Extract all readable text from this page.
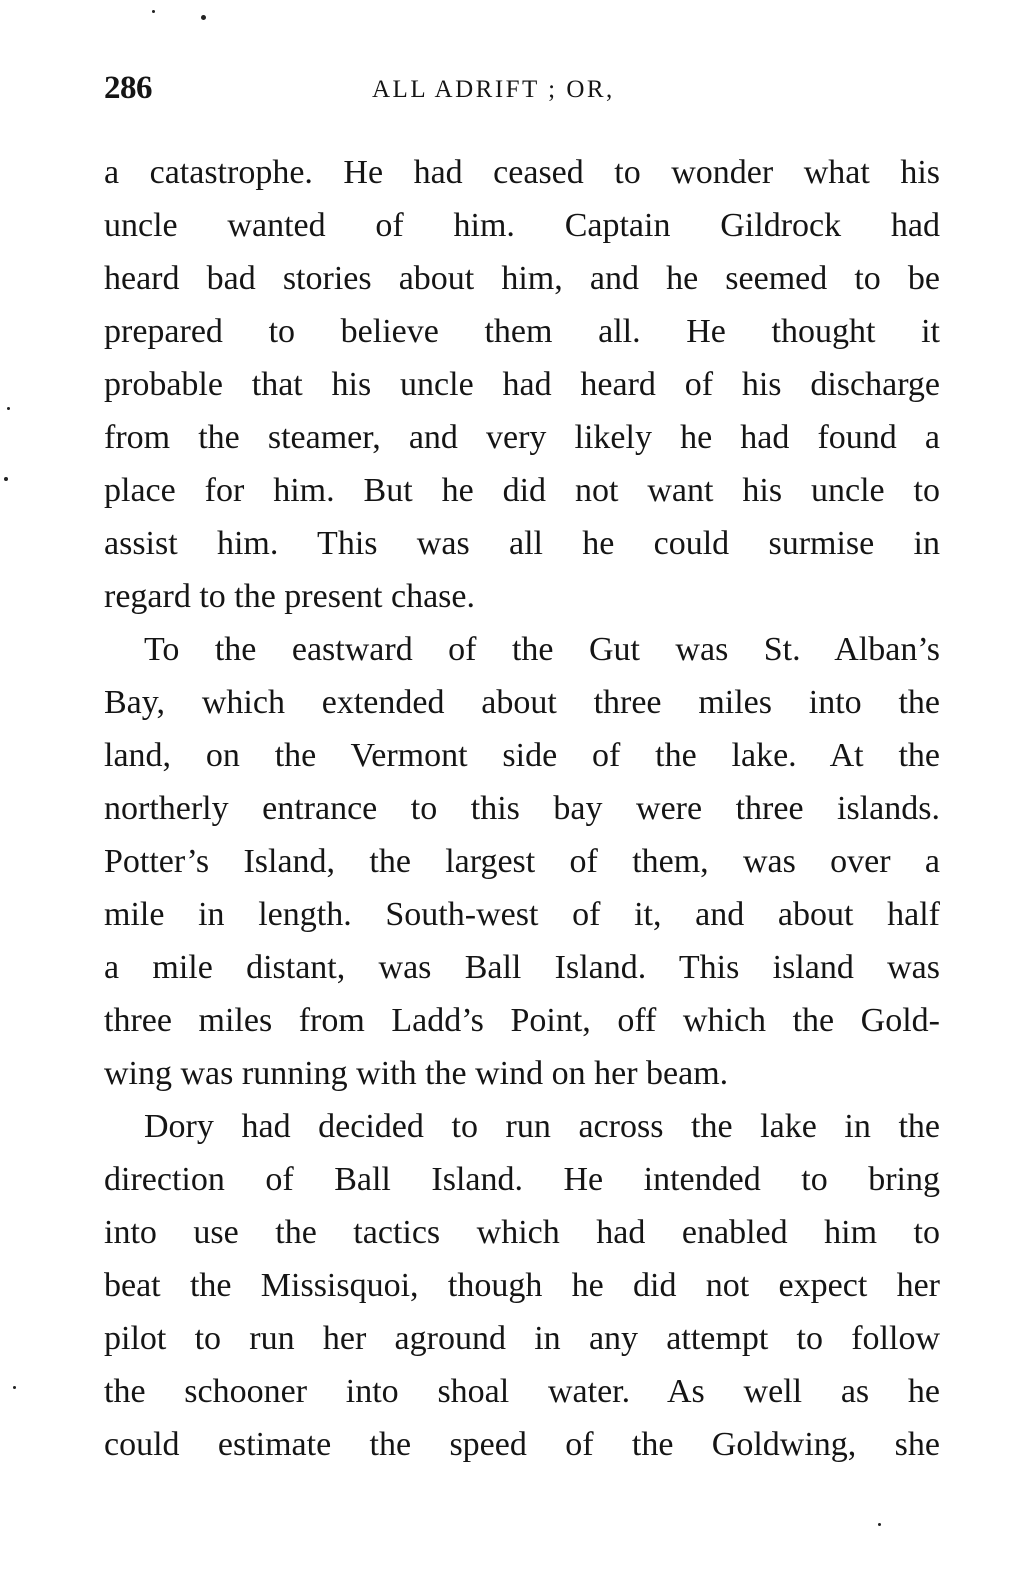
286	ALL ADRIFT ; OR,
a catastrophe. He had ceased to wonder what his
uncle wanted of him. Captain Gildrock had
heard bad stories about him, and he seemed to be
prepared to believe them all. He thought it
probable that his uncle had heard of his discharge
from the steamer, and very likely he had found a
place for him. But he did not want his uncle to
assist him. This was all he could surmise in
regard to the present chase.
To the eastward of the Gut was St. Alban’s
Bay, which extended about three miles into the
land, on the Vermont side of the lake. At the
northerly entrance to this bay were three islands.
Potter’s Island, the largest of them, was over a
mile in length. South-west of it, and about half
a mile distant, was Ball Island. This island was
three miles from Ladd’s Point, off which the Gold-
wing was running with the wind on her beam.
Dory had decided to run across the lake in the
direction of Ball Island. He intended to bring
into use the tactics which had enabled him to
beat the Missisquoi, though he did not expect her
pilot to run her aground in any attempt to follow
the schooner into shoal water. As well as he
could estimate the speed of the Goldwing, she
